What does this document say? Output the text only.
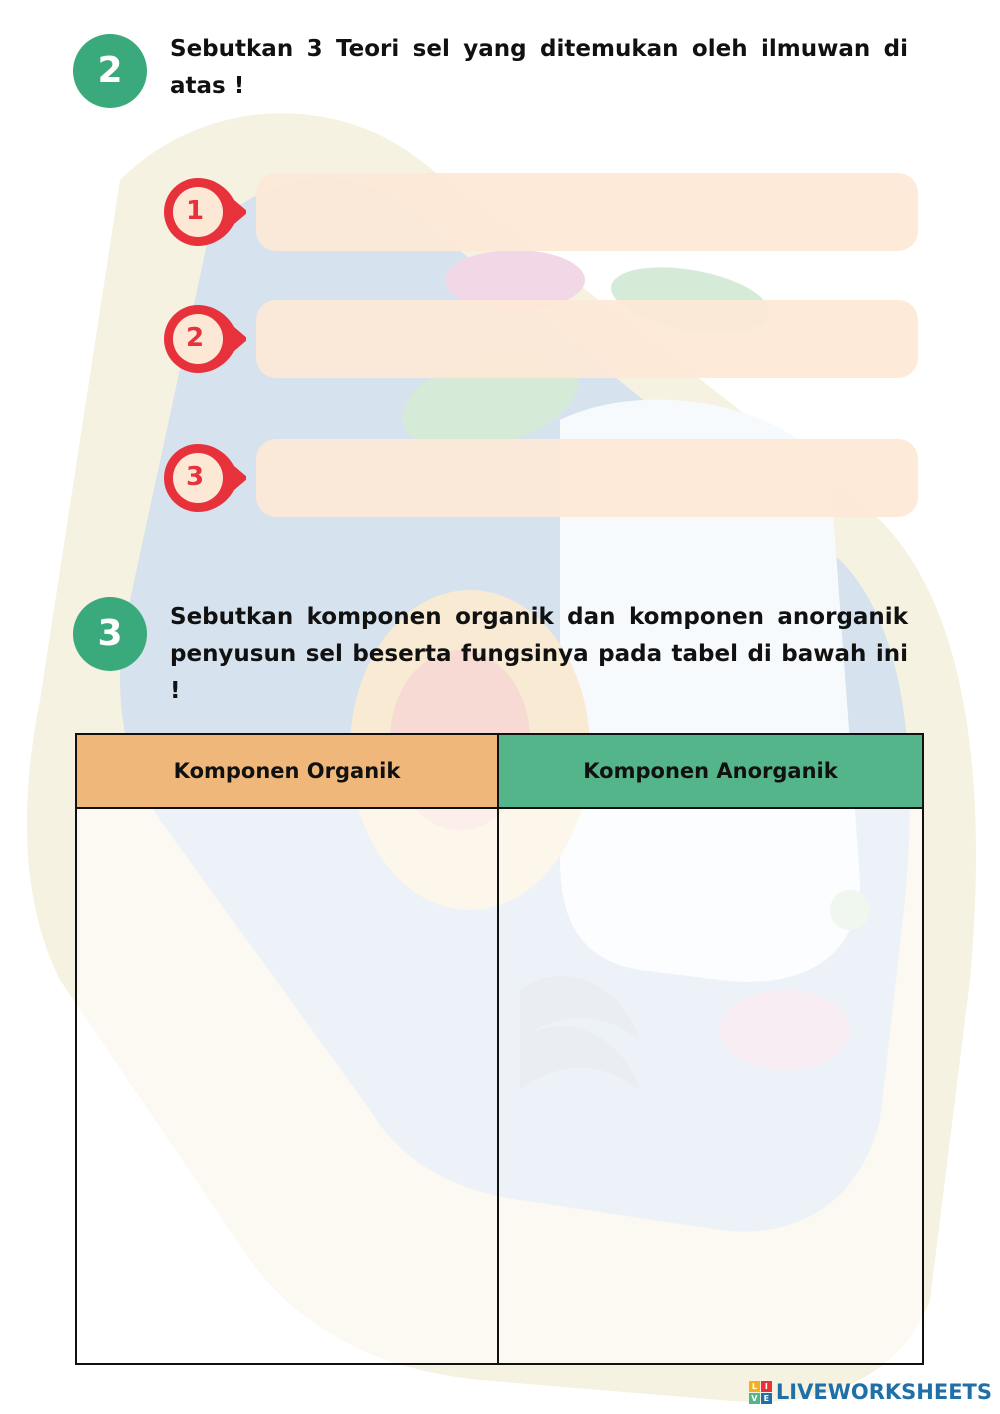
2
Sebutkan 3 Teori sel yang ditemukan oleh ilmuwan di atas !
1
2
3
3	Sebutkan komponen organik dan komponen anorganik penyusun sel beserta fungsinya pada tabel di bawah ini !
Komponen Organik	Komponen Anorganik

L I
V E LIVEWORKSHEETS
